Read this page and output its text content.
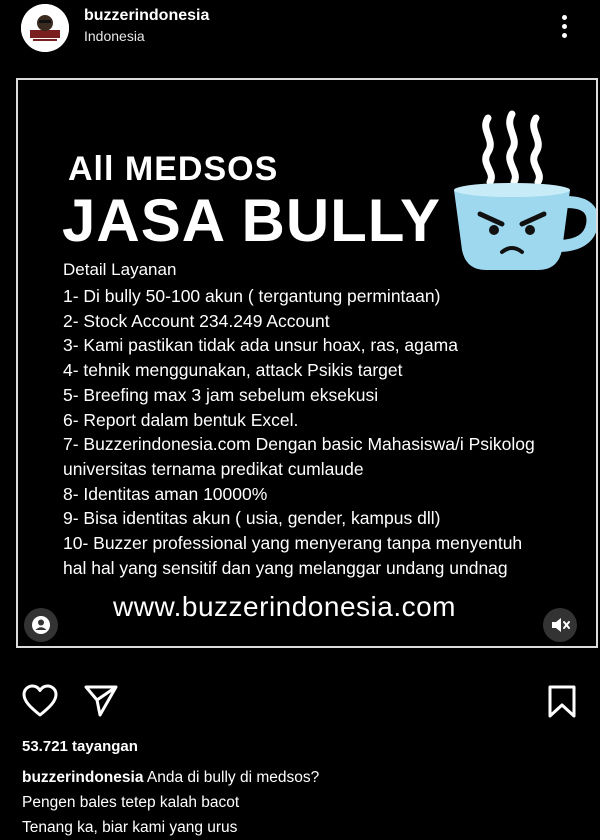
buzzerindonesia
Indonesia
All MEDSOS
JASA BULLY
Detail Layanan
1- Di bully 50-100 akun ( tergantung permintaan)
2- Stock Account 234.249 Account
3- Kami pastikan tidak ada unsur hoax, ras, agama
4- tehnik menggunakan, attack Psikis target
5- Breefing max 3 jam sebelum eksekusi
6- Report dalam bentuk Excel.
7- Buzzerindonesia.com Dengan basic Mahasiswa/i Psikolog
universitas ternama predikat cumlaude
8- Identitas aman 10000%
9- Bisa identitas akun ( usia, gender, kampus dll)
10- Buzzer professional yang menyerang tanpa menyentuh
hal hal yang sensitif dan yang melanggar undang undnag
www.buzzerindonesia.com
53.721 tayangan
buzzerindonesia Anda di bully di medsos?
Pengen bales tetep kalah bacot
Tenang ka, biar kami yang urus
